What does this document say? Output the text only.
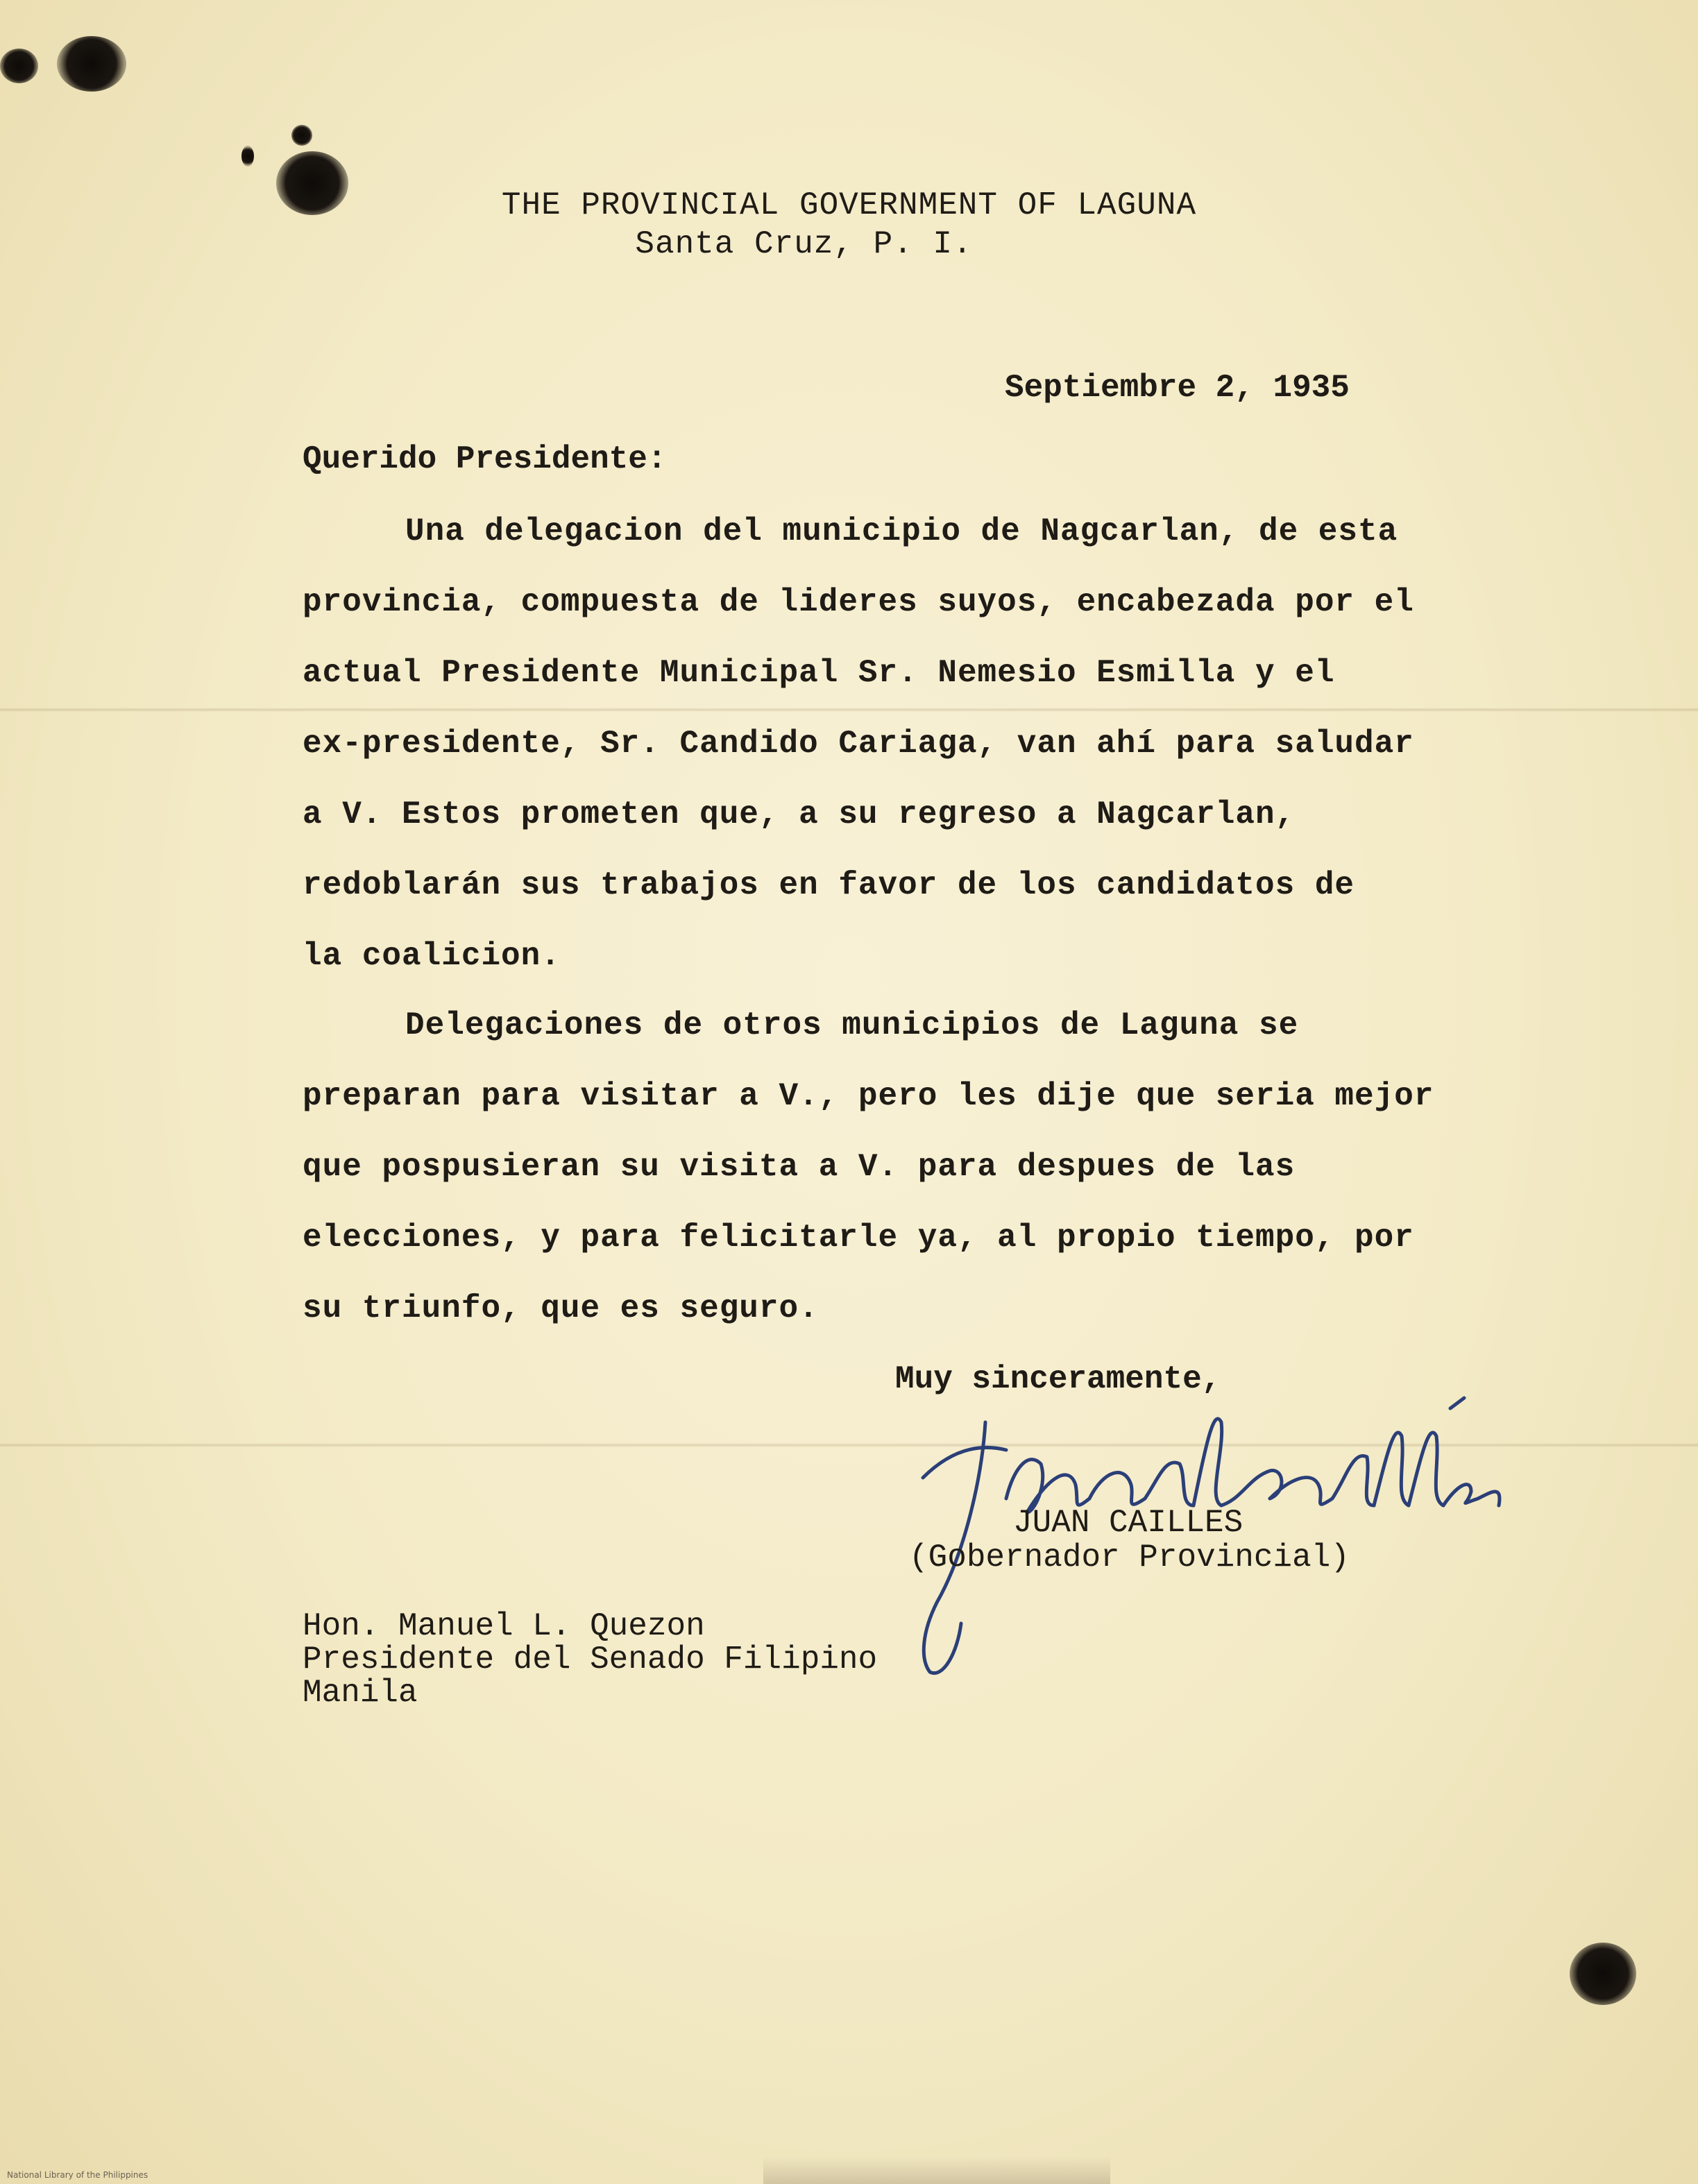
THE PROVINCIAL GOVERNMENT OF LAGUNA
Santa Cruz, P. I.
Septiembre 2, 1935
Querido Presidente:
Una delegacion del municipio de Nagcarlan, de esta
provincia, compuesta de lideres suyos, encabezada por el
actual Presidente Municipal Sr. Nemesio Esmilla y el
ex-presidente, Sr. Candido Cariaga, van ahí para saludar
a V. Estos prometen que, a su regreso a Nagcarlan,
redoblarán sus trabajos en favor de los candidatos de
la coalicion.
Delegaciones de otros municipios de Laguna se
preparan para visitar a V., pero les dije que seria mejor
que pospusieran su visita a V. para despues de las
elecciones, y para felicitarle ya, al propio tiempo, por
su triunfo, que es seguro.
Muy sinceramente,
JUAN CAILLES
(Gobernador Provincial)
Hon. Manuel L. Quezon
Presidente del Senado Filipino
Manila
National Library of the Philippines
